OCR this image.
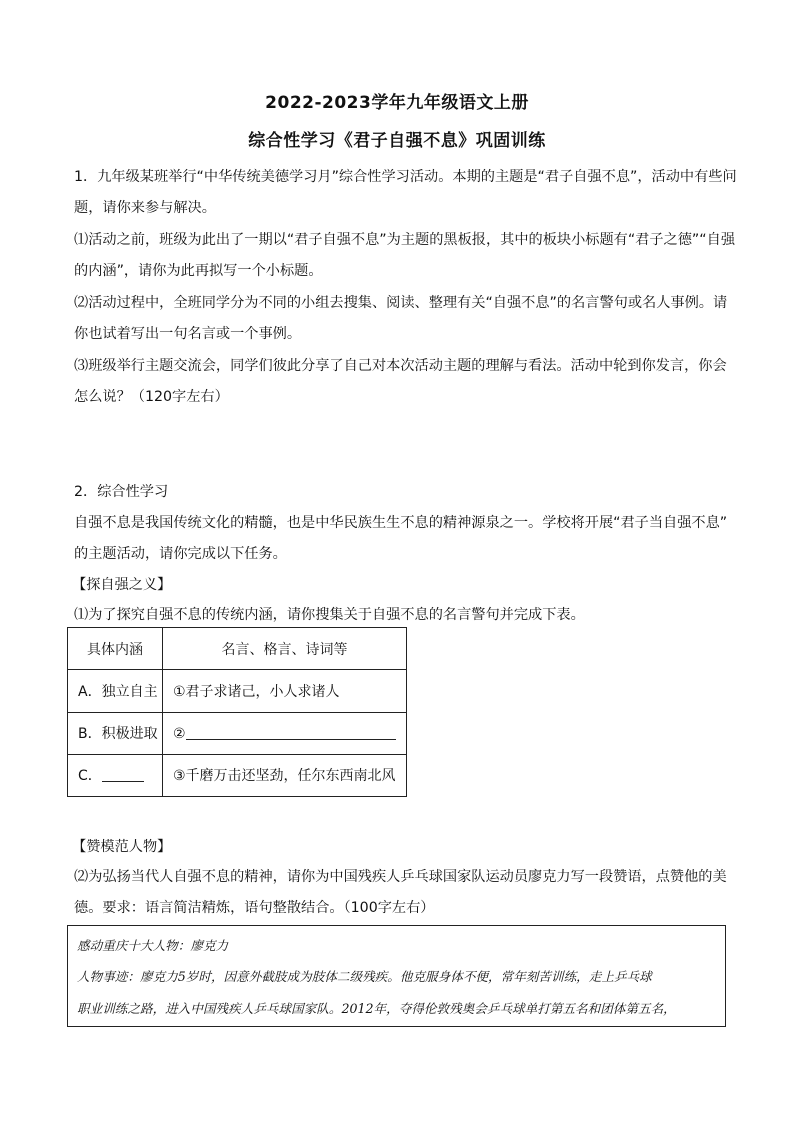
2022-2023学年九年级语文上册
综合性学习《君子自强不息》巩固训练
1．九年级某班举行“中华传统美德学习月”综合性学习活动。本期的主题是“君子自强不息”，活动中有些问
题，请你来参与解决。
⑴活动之前，班级为此出了一期以“君子自强不息”为主题的黑板报，其中的板块小标题有“君子之德”“自强
的内涵”，请你为此再拟写一个小标题。
⑵活动过程中，全班同学分为不同的小组去搜集、阅读、整理有关“自强不息”的名言警句或名人事例。请
你也试着写出一句名言或一个事例。
⑶班级举行主题交流会，同学们彼此分享了自己对本次活动主题的理解与看法。活动中轮到你发言，你会
怎么说？（120字左右）
2．综合性学习
自强不息是我国传统文化的精髓，也是中华民族生生不息的精神源泉之一。学校将开展“君子当自强不息”
的主题活动，请你完成以下任务。
【探自强之义】
⑴为了探究自强不息的传统内涵，请你搜集关于自强不息的名言警句并完成下表。
具体内涵	名言、格言、诗词等
A．独立自主	①君子求诸己，小人求诸人
B．积极进取	②
C．	③千磨万击还坚劲，任尔东西南北风
【赞模范人物】
⑵为弘扬当代人自强不息的精神，请你为中国残疾人乒乓球国家队运动员廖克力写一段赞语，点赞他的美
德。要求：语言简洁精炼，语句整散结合。（100字左右）
感动重庆十大人物：廖克力
人物事迹：廖克力5岁时，因意外截肢成为肢体二级残疾。他克服身体不便，常年刻苦训练，走上乒乓球
职业训练之路，进入中国残疾人乒乓球国家队。2012年，夺得伦敦残奥会乒乓球单打第五名和团体第五名，
